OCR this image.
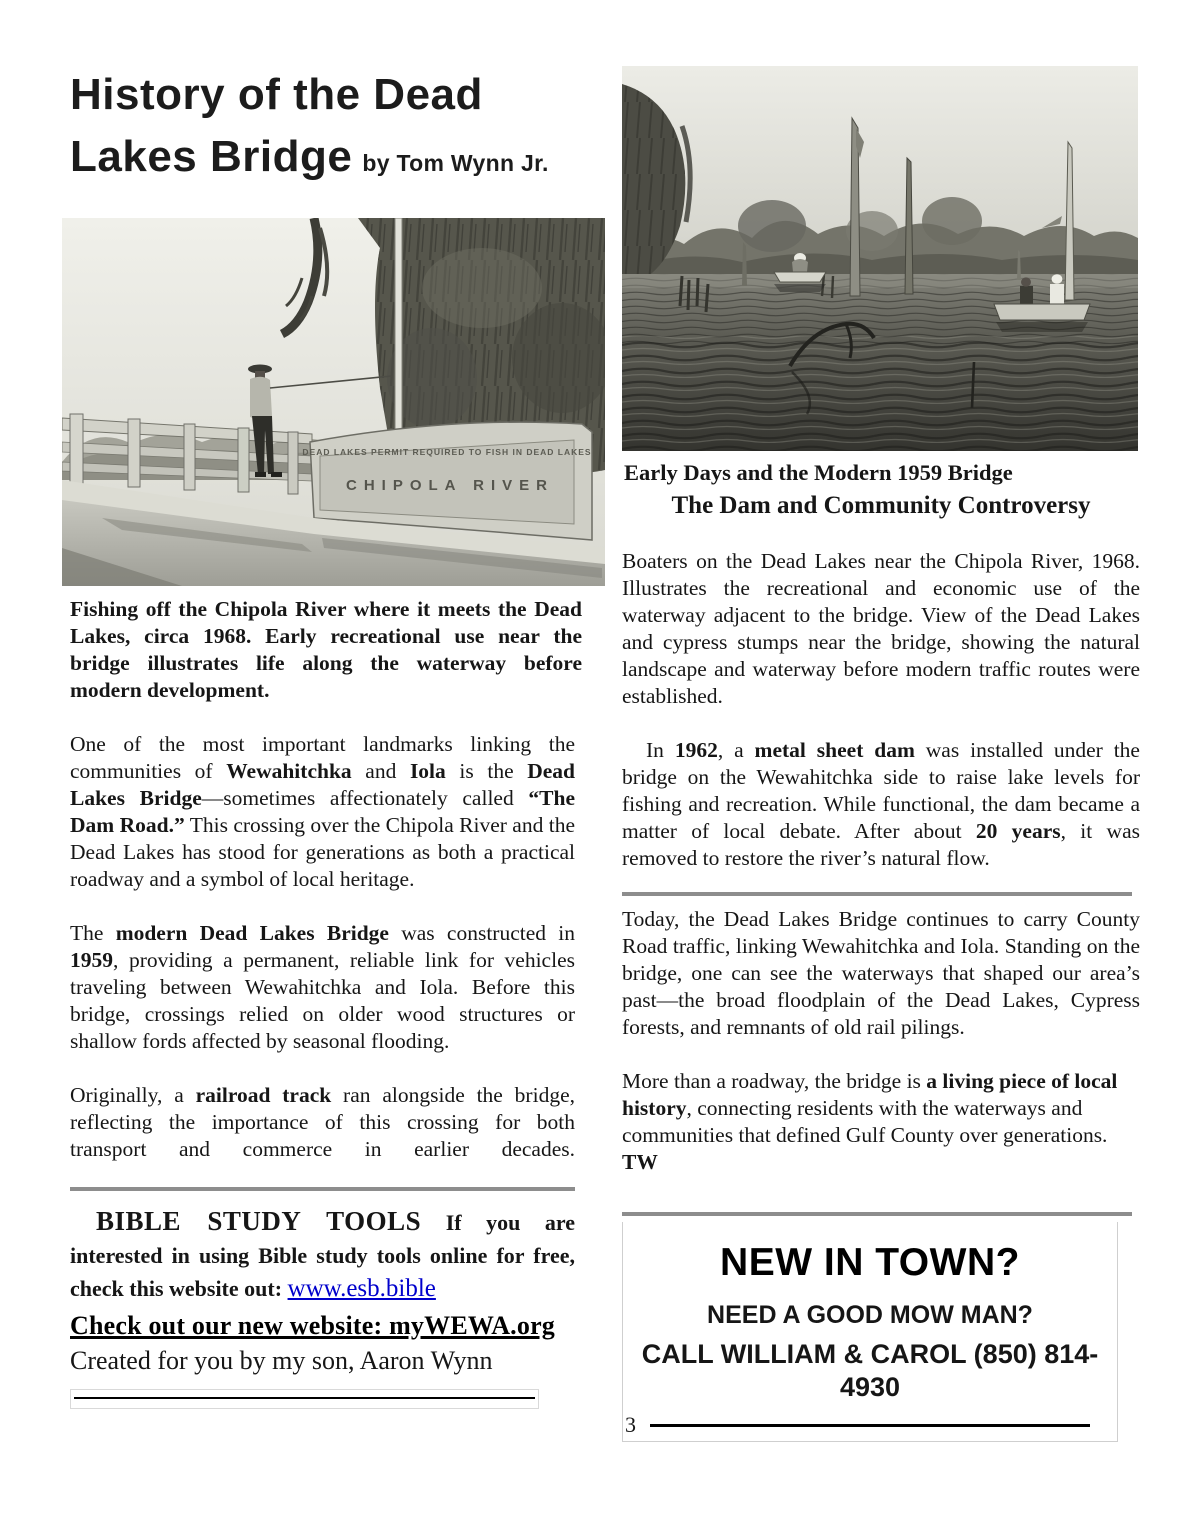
History of the Dead
Lakes Bridge by Tom Wynn Jr.
DEAD LAKES PERMIT REQUIRED TO FISH IN DEAD LAKES
CHIPOLA RIVER

Fishing off the Chipola River where it meets the Dead Lakes, circa 1968. Early recreational use near the bridge illustrates life along the waterway before modern development.

One of the most important landmarks linking the communities of Wewahitchka and Iola is the Dead Lakes Bridge—sometimes affectionately called “The Dam Road.” This crossing over the Chipola River and the Dead Lakes has stood for generations as both a practical roadway and a symbol of local heritage.

The modern Dead Lakes Bridge was constructed in 1959, providing a permanent, reliable link for vehicles traveling between Wewahitchka and Iola. Before this bridge, crossings relied on older wood structures or shallow fords affected by seasonal flooding.

Originally, a railroad track ran alongside the bridge, reflecting the importance of this crossing for both transport and commerce in earlier decades.

BIBLE STUDY TOOLS If you are interested in using Bible study tools online for free, check this website out: www.esb.bible
Check out our new website: myWEWA.org
Created for you by my son, Aaron Wynn
Early Days and the Modern 1959 Bridge
The Dam and Community Controversy

Boaters on the Dead Lakes near the Chipola River, 1968. Illustrates the recreational and economic use of the waterway adjacent to the bridge. View of the Dead Lakes and cypress stumps near the bridge, showing the natural landscape and waterway before modern traffic routes were established.

In 1962, a metal sheet dam was installed under the bridge on the Wewahitchka side to raise lake levels for fishing and recreation. While functional, the dam became a matter of local debate. After about 20 years, it was removed to restore the river’s natural flow.

Today, the Dead Lakes Bridge continues to carry County Road traffic, linking Wewahitchka and Iola. Standing on the bridge, one can see the waterways that shaped our area’s past—the broad floodplain of the Dead Lakes, Cypress forests, and remnants of old rail pilings.

More than a roadway, the bridge is a living piece of local history, connecting residents with the waterways and communities that defined Gulf County over generations. TW

NEW IN TOWN?
NEED A GOOD MOW MAN?
CALL WILLIAM & CAROL (850) 814-4930
3
